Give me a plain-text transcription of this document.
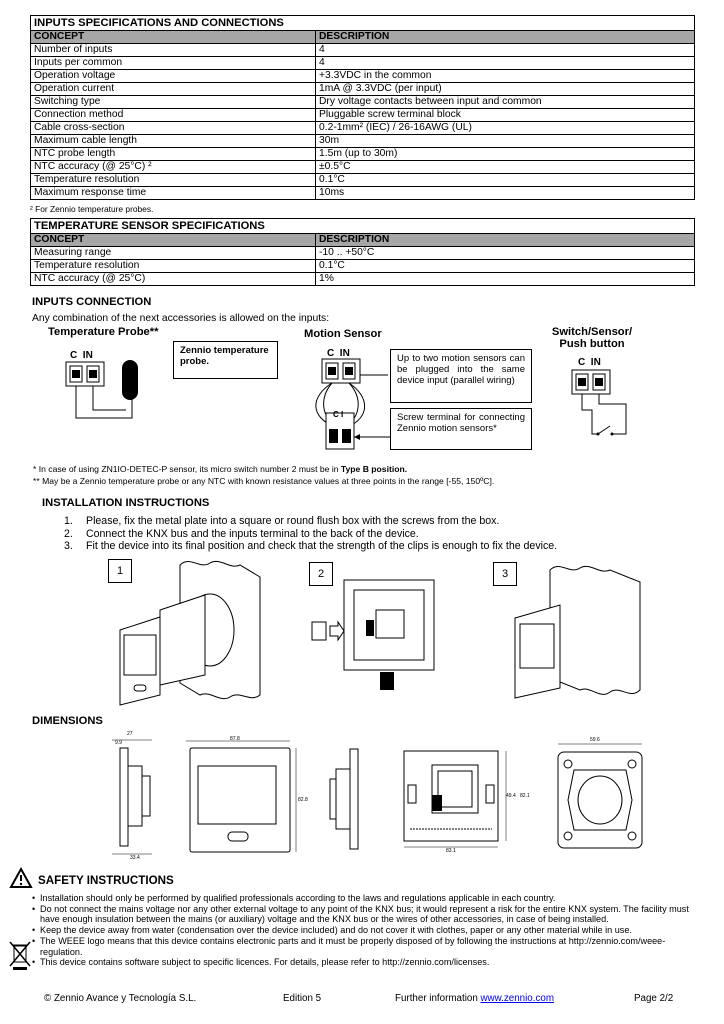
INPUTS SPECIFICATIONS AND CONNECTIONS	
CONCEPT	DESCRIPTION
Number of inputs	4
Inputs per common	4
Operation voltage	+3.3VDC in the common
Operation current	1mA @ 3.3VDC (per input)
Switching type	Dry voltage contacts between input and common
Connection method	Pluggable screw terminal block
Cable cross-section	0.2-1mm² (IEC) / 26-16AWG (UL)
Maximum cable length	30m
NTC probe length	1.5m (up to 30m)
NTC accuracy (@ 25°C) ²	±0.5°C
Temperature resolution	0.1°C
Maximum response time	10ms
² For Zennio temperature probes.
TEMPERATURE SENSOR SPECIFICATIONS	
CONCEPT	DESCRIPTION
Measuring range	-10 .. +50°C
Temperature resolution	0.1°C
NTC accuracy (@ 25°C)	1%
INPUTS CONNECTION
Any combination of the next accessories is allowed on the inputs:
Temperature Probe**
Zennio temperature probe.
C IN
Motion Sensor
C IN
C I
Up to two motion sensors can be plugged into the same device input (parallel wiring)
Screw terminal for connecting Zennio motion sensors*
Switch/Sensor/
Push button
C IN
* In case of using ZN1IO-DETEC-P sensor, its micro switch number 2 must be in Type B position.
** May be a Zennio temperature probe or any NTC with known resistance values at three points in the range [-55, 150ºC].
INSTALLATION INSTRUCTIONS
1. Please, fix the metal plate into a square or round flush box with the screws from the box.
2. Connect the KNX bus and the inputs terminal to the back of the device.
3. Fit the device into its final position and check that the strength of the clips is enough to fix the device.
1	2	3
DIMENSIONS
27
9.9
33.4
87.8
82.8
49.4 82.1
83.1
59.6
SAFETY INSTRUCTIONS
• Installation should only be performed by qualified professionals according to the laws and regulations applicable in each country.
• Do not connect the mains voltage nor any other external voltage to any point of the KNX bus; it would represent a risk for the entire KNX system. The facility must have enough insulation between the mains (or auxiliary) voltage and the KNX bus or the wires of other accessories, in case of being installed.
• Keep the device away from water (condensation over the device included) and do not cover it with clothes, paper or any other material while in use.
• The WEEE logo means that this device contains electronic parts and it must be properly disposed of by following the instructions at http://zennio.com/weee-regulation.
• This device contains software subject to specific licences. For details, please refer to http://zennio.com/licenses.
© Zennio Avance y Tecnología S.L.	Edition 5	Further information www.zennio.com	Page 2/2
